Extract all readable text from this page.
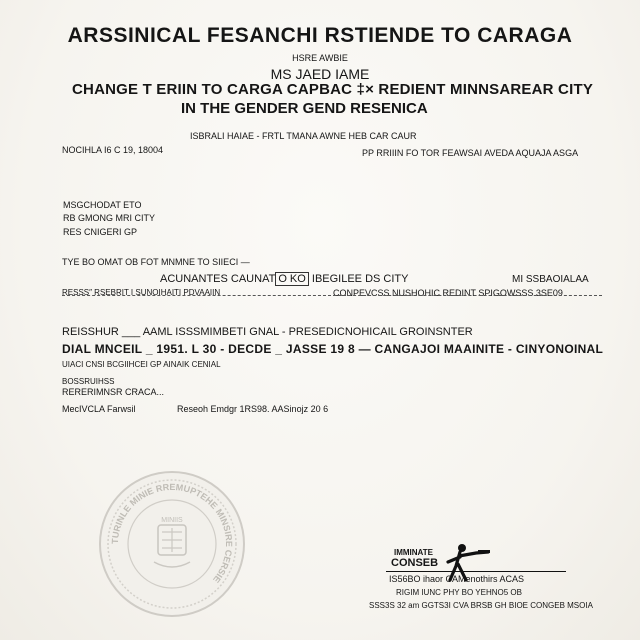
ARSSINICAL FESANCHI RSTIENDE TO CARAGA
HSRE AWBIE
MS JAED IAME
CHANGE T ERIIN TO CARGA CAPBAC ‡× REDIENT MINNSAREAR CITY
IN THE GENDER GEND RESENICA
ISBRALI HAIAE - FRTL TMANA AWNE HEB CAR CAUR
NOCIHLA I6 C 19, 18004	PP RRIIIN FO TOR FEAWSAI AVEDA AQUAJA ASGA
MSGCHODAT ETO
RB GMONG MRI CITY
RES CNIGERI GP
TYE BO OMAT OB FOT MNMNE TO SIIECI —
ACUNANTES CAUNAT O KO IBEGILEE DS CITY	MI SSBAOIALAA
RESSS″ RSEBRIT I SUNOIHAITI PDVAAIIN	CONPEVCSS NUSHOHIC REDINT SPIGOWSSS 3SE09
REISSHUR ___ AAML ISSSMIMBETI GNAL - PRESEDICNOHICAIL GROINSNTER
DIAL MNCEIL _ 1951. L 30 - DECDE _ JASSE 19 8 — CANGAJOI MAAINITE - CINYONOINAL
UIACI CNSI BCGIIHCEI GP AINAIK CENIAL
BOSSRUIHSS
RERERIMNSR CRACA...
MecIVCLA Farwsil	Reseoh Emdgr 1RS98. AASinojz 20 6
TURINLE MINIE RREMUPTEHE MINSIRE CERSIE
MINIIS
IMMINATE
CONSEB
IS56BO ihaor CAMenothirs ACAS
RIGIM IUNC PHY BO YEHNO5 OB
SSS3S 32 am GGTS3I CVA BRSB GH BIOE CONGEB MSOIA
